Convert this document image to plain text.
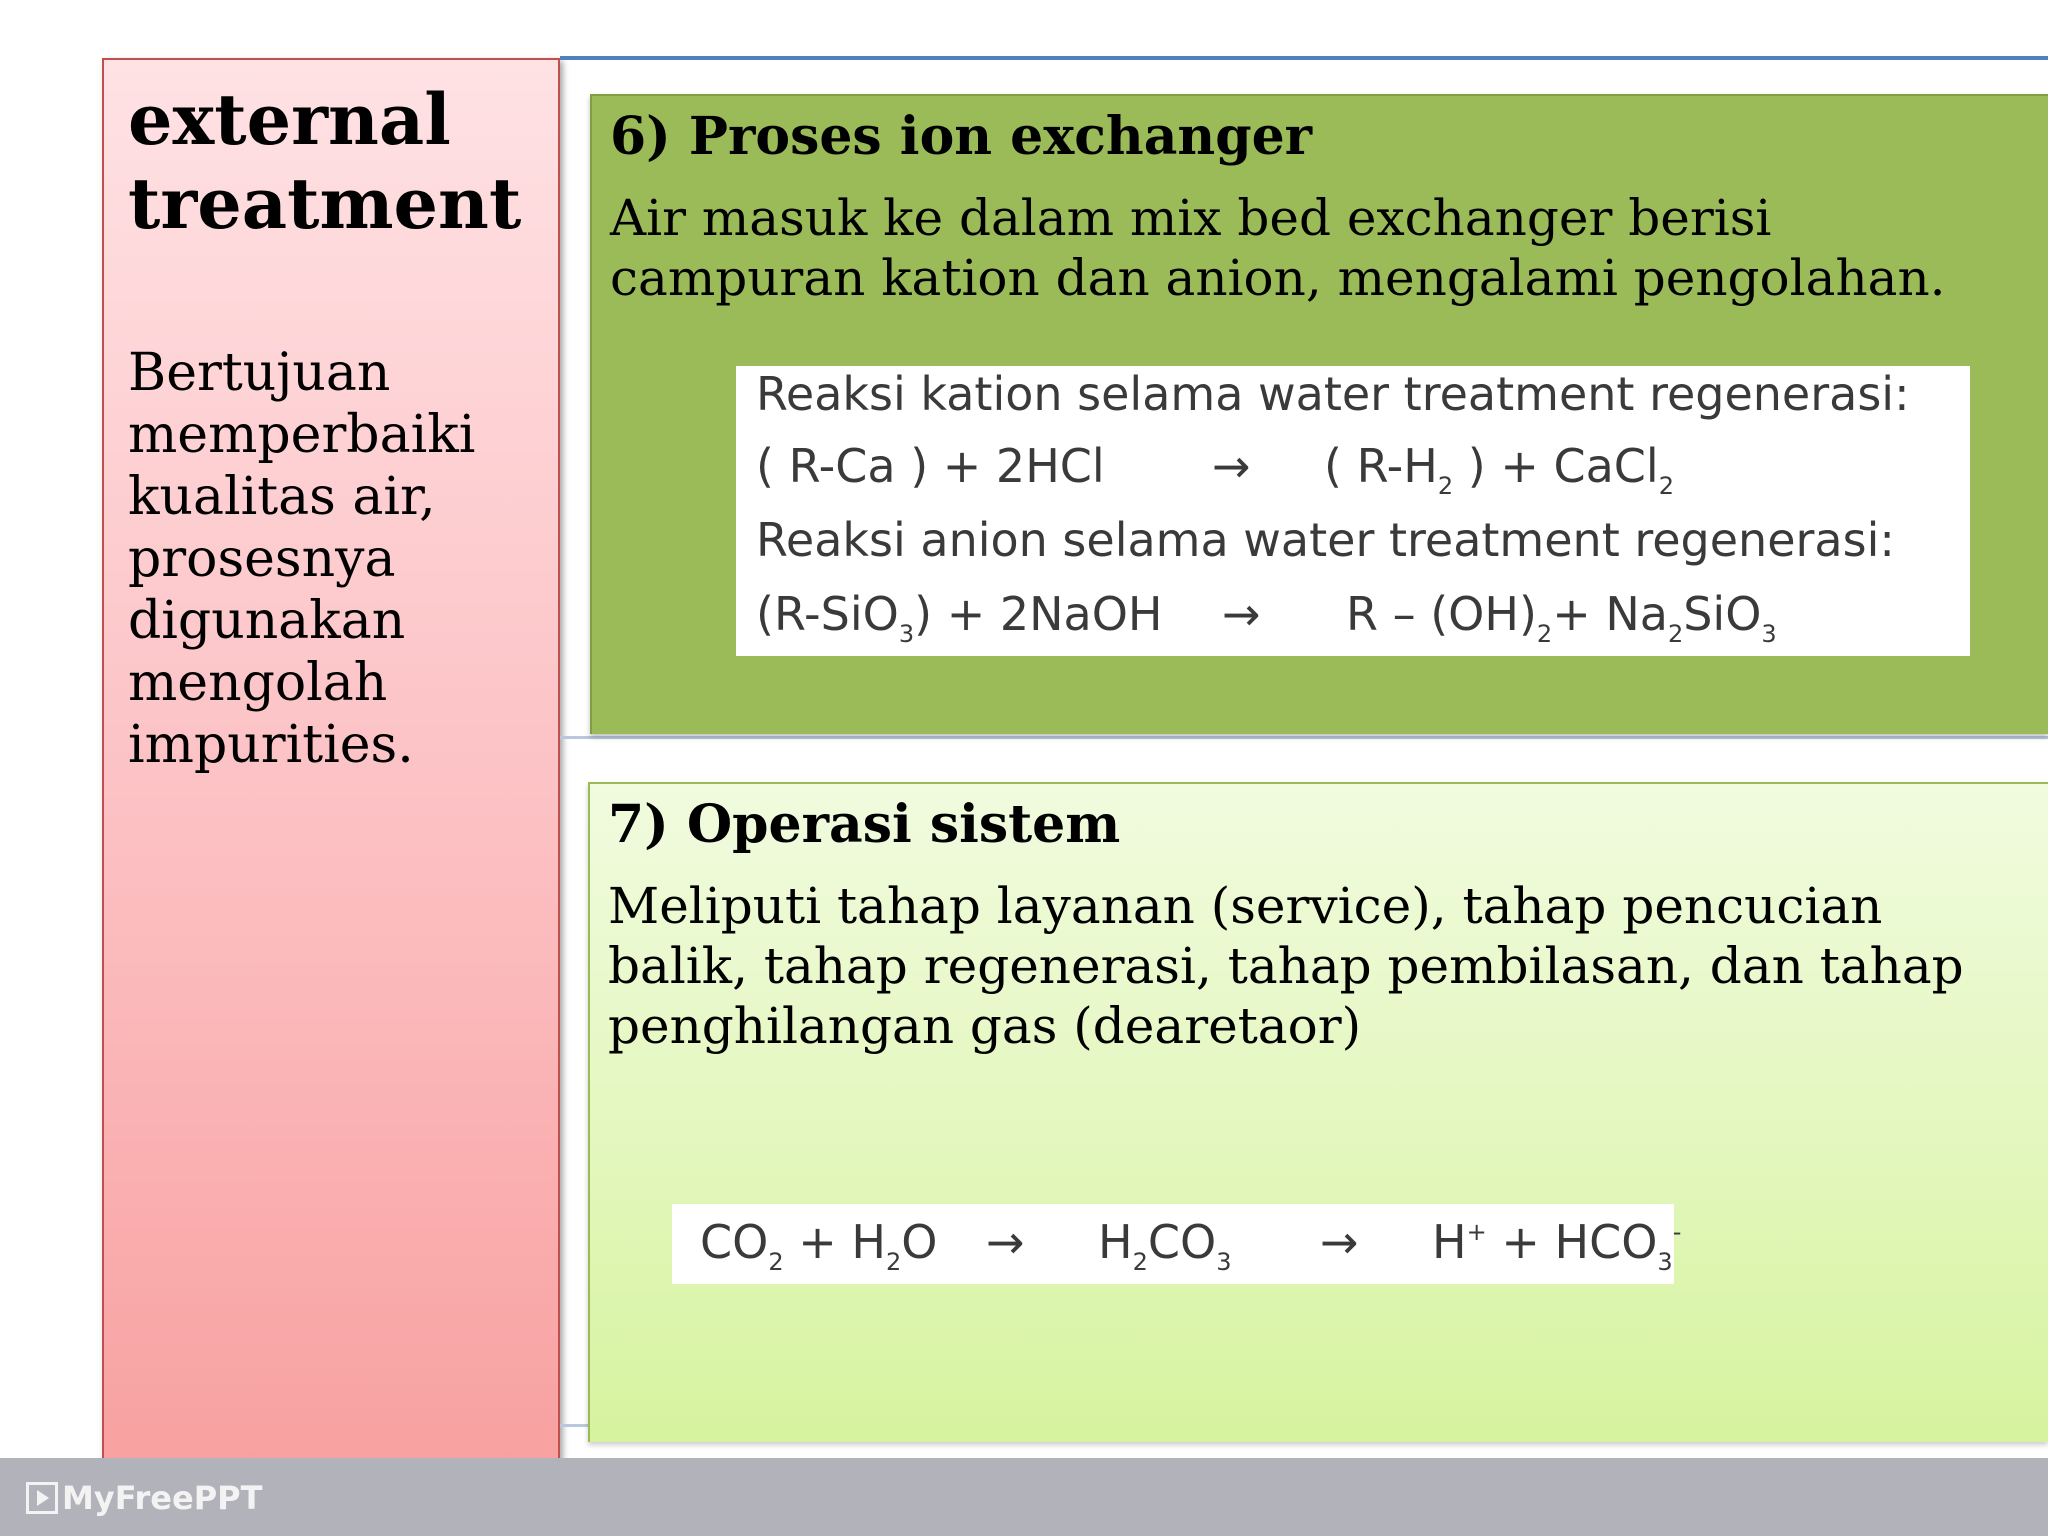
external treatment
Bertujuan memperbaiki kualitas air, prosesnya digunakan mengolah impurities.
6) Proses ion exchanger
Air masuk ke dalam mix bed exchanger berisi campuran kation dan anion, mengalami pengolahan.
Reaksi kation selama water treatment regenerasi:
( R-Ca ) + 2HCl → ( $R-H_2$ ) + CaCl$_2$
Reaksi anion selama water treatment regenerasi:
(R-SiO$_3$) + 2NaOH → $R - (OH)_2+ Na_2SiO_3$
7) Operasi sistem
Meliputi tahap layanan (service), tahap pencucian balik, tahap regenerasi, tahap pembilasan, dan tahap penghilangan gas (dearetaor)
$CO_2 + H_2O \to H_2CO_3 \to H^+ + HCO_3^-$
MyFreePPT
